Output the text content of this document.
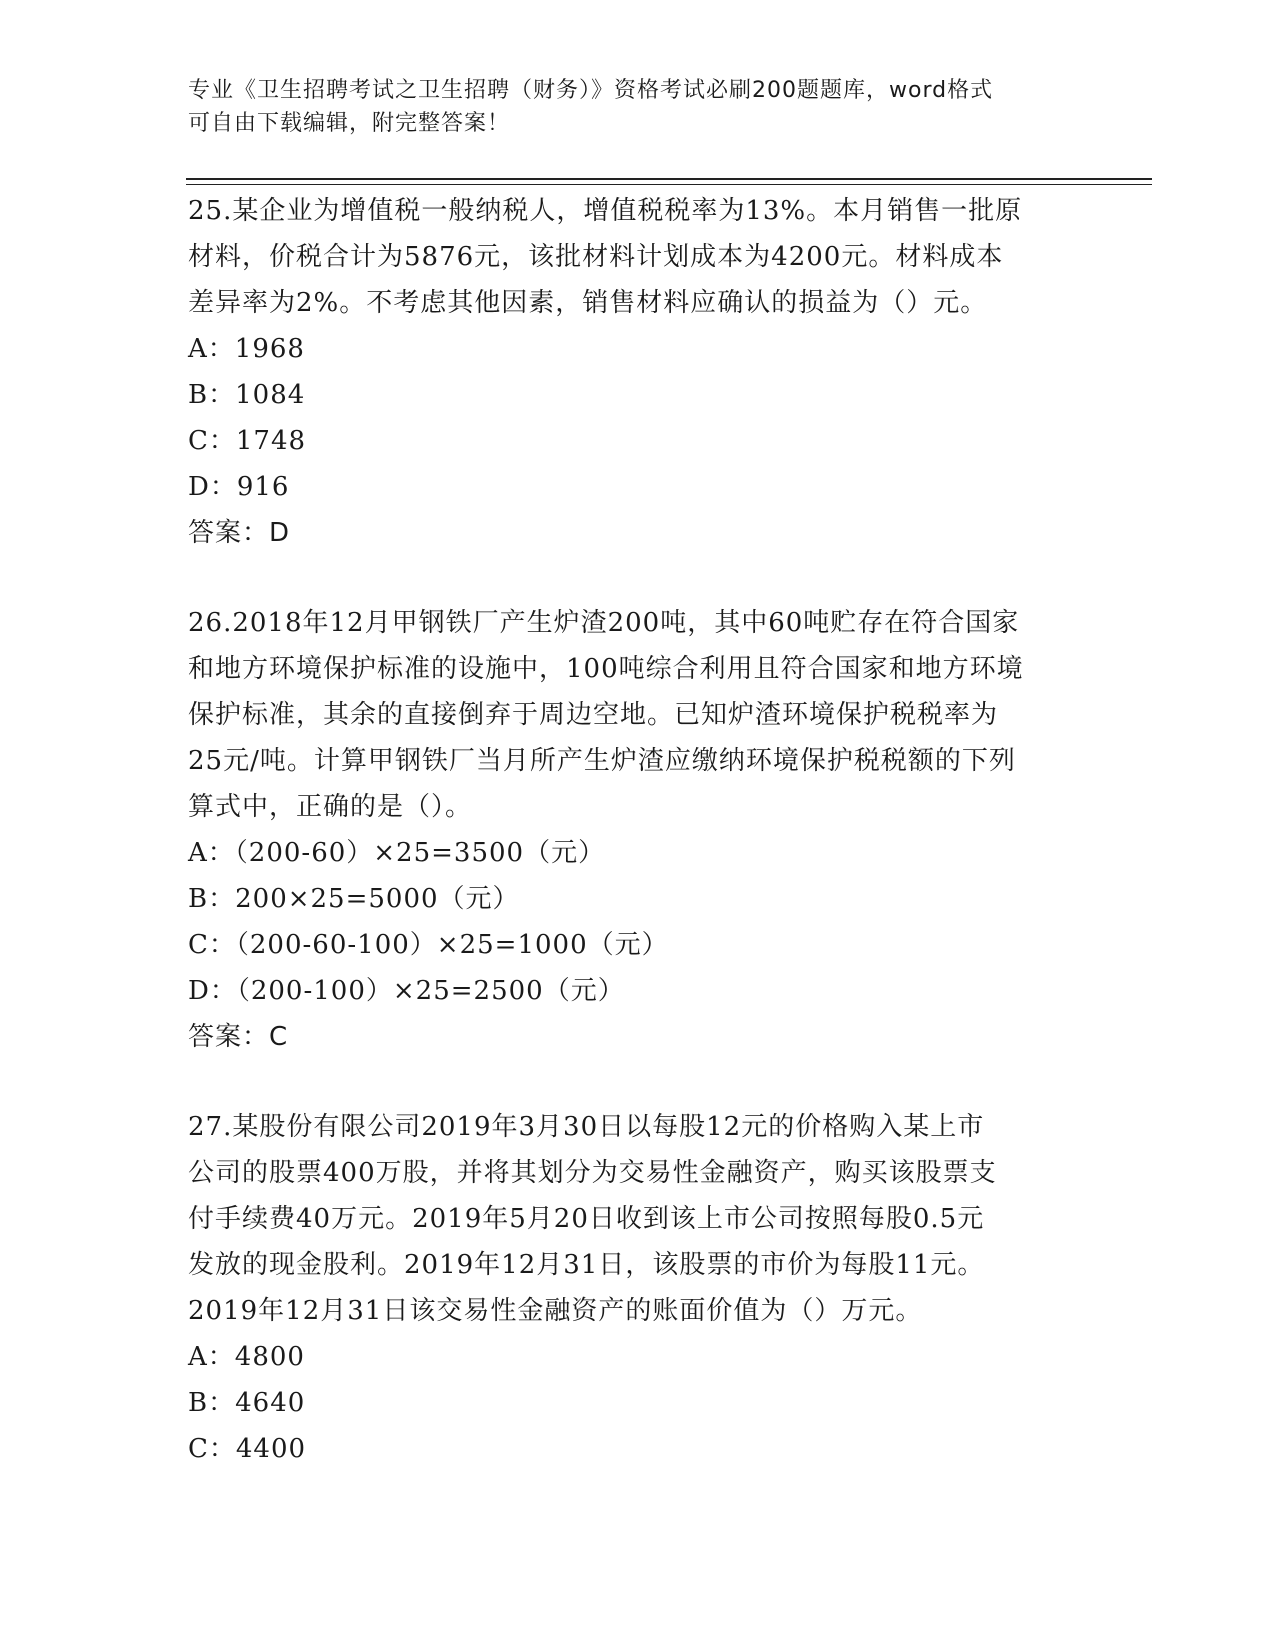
专业《卫生招聘考试之卫生招聘（财务）》资格考试必刷200题题库，word格式
可自由下载编辑，附完整答案！
25.某企业为增值税一般纳税人，增值税税率为13%。本月销售一批原
材料，价税合计为5876元，该批材料计划成本为4200元。材料成本
差异率为2%。不考虑其他因素，销售材料应确认的损益为（）元。
A：1968
B：1084
C：1748
D：916
答案：D
26.2018年12月甲钢铁厂产生炉渣200吨，其中60吨贮存在符合国家
和地方环境保护标准的设施中，100吨综合利用且符合国家和地方环境
保护标准，其余的直接倒弃于周边空地。已知炉渣环境保护税税率为
25元/吨。计算甲钢铁厂当月所产生炉渣应缴纳环境保护税税额的下列
算式中，正确的是（）。
A：（200-60）×25=3500（元）
B：200×25=5000（元）
C：（200-60-100）×25=1000（元）
D：（200-100）×25=2500（元）
答案：C
27.某股份有限公司2019年3月30日以每股12元的价格购入某上市
公司的股票400万股，并将其划分为交易性金融资产，购买该股票支
付手续费40万元。2019年5月20日收到该上市公司按照每股0.5元
发放的现金股利。2019年12月31日，该股票的市价为每股11元。
2019年12月31日该交易性金融资产的账面价值为（）万元。
A：4800
B：4640
C：4400
